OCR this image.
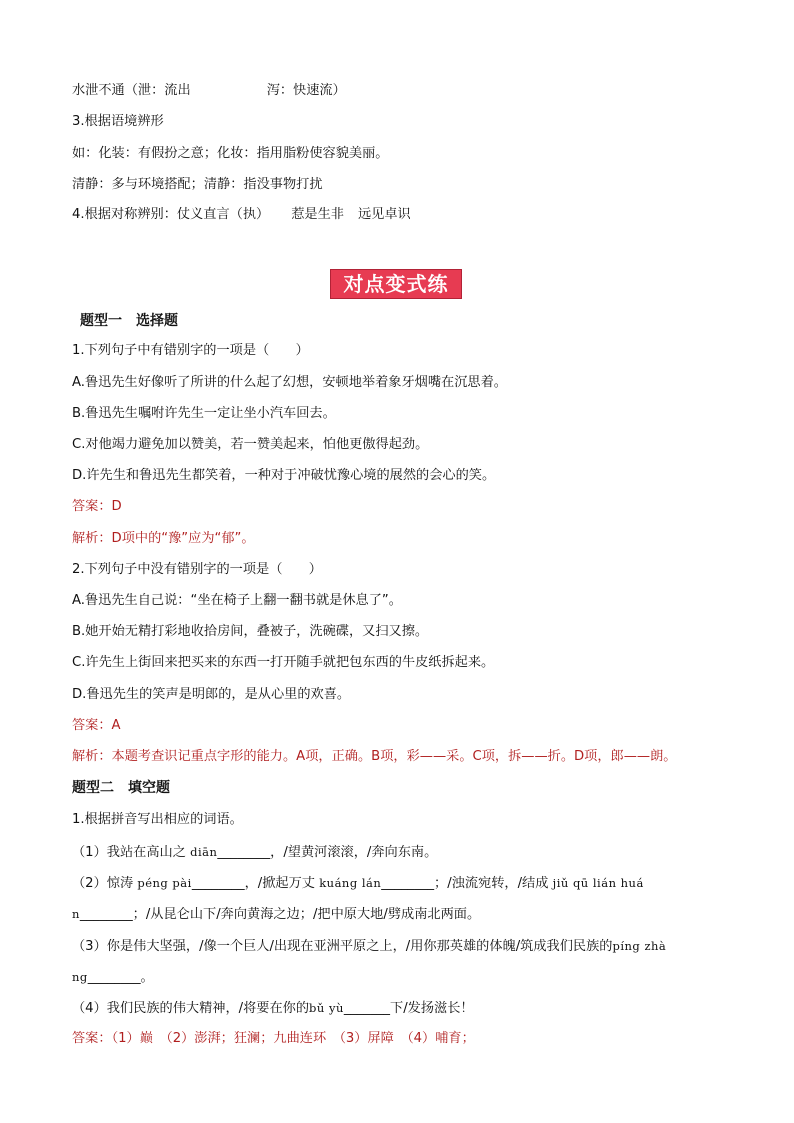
水泄不通（泄：流出	泻：快速流）

3.根据语境辨形

如：化装：有假扮之意；化妆：指用脂粉使容貌美丽。

清静：多与环境搭配；清静：指没事物打扰

4.根据对称辨别：仗义直言（执） 惹是生非 远见卓识

对点变式练

题型一　选择题

1.下列句子中有错别字的一项是（　　）

A.鲁迅先生好像听了所讲的什么起了幻想，安顿地举着象牙烟嘴在沉思着。

B.鲁迅先生嘱咐许先生一定让坐小汽车回去。

C.对他竭力避免加以赞美，若一赞美起来，怕他更傲得起劲。

D.许先生和鲁迅先生都笑着，一种对于冲破忧豫心境的展然的会心的笑。

答案：D

解析：D项中的“豫”应为“郁”。

2.下列句子中没有错别字的一项是（　　）

A.鲁迅先生自己说：“坐在椅子上翻一翻书就是休息了”。

B.她开始无精打彩地收拾房间，叠被子，洗碗碟，又扫又擦。

C.许先生上街回来把买来的东西一打开随手就把包东西的牛皮纸拆起来。

D.鲁迅先生的笑声是明郎的，是从心里的欢喜。

答案：A

解析：本题考查识记重点字形的能力。A项，正确。B项，彩——采。C项，拆——折。D项，郎——朗。

题型二　填空题

1.根据拼音写出相应的词语。

（1）我站在高山之 diān________，/望黄河滚滚，/奔向东南。

（2）惊涛 péng pài________，/掀起万丈 kuáng lán________；/浊流宛转，/结成 jiǔ qū lián huá

n________；/从昆仑山下/奔向黄海之边；/把中原大地/劈成南北两面。

（3）你是伟大坚强，/像一个巨人/出现在亚洲平原之上，/用你那英雄的体魄/筑成我们民族的píng zhà

ng________。

（4）我们民族的伟大精神，/将要在你的bǔ yù_______下/发扬滋长！

答案：（1）巅　（2）澎湃；狂澜；九曲连环　（3）屏障　（4）哺育；
